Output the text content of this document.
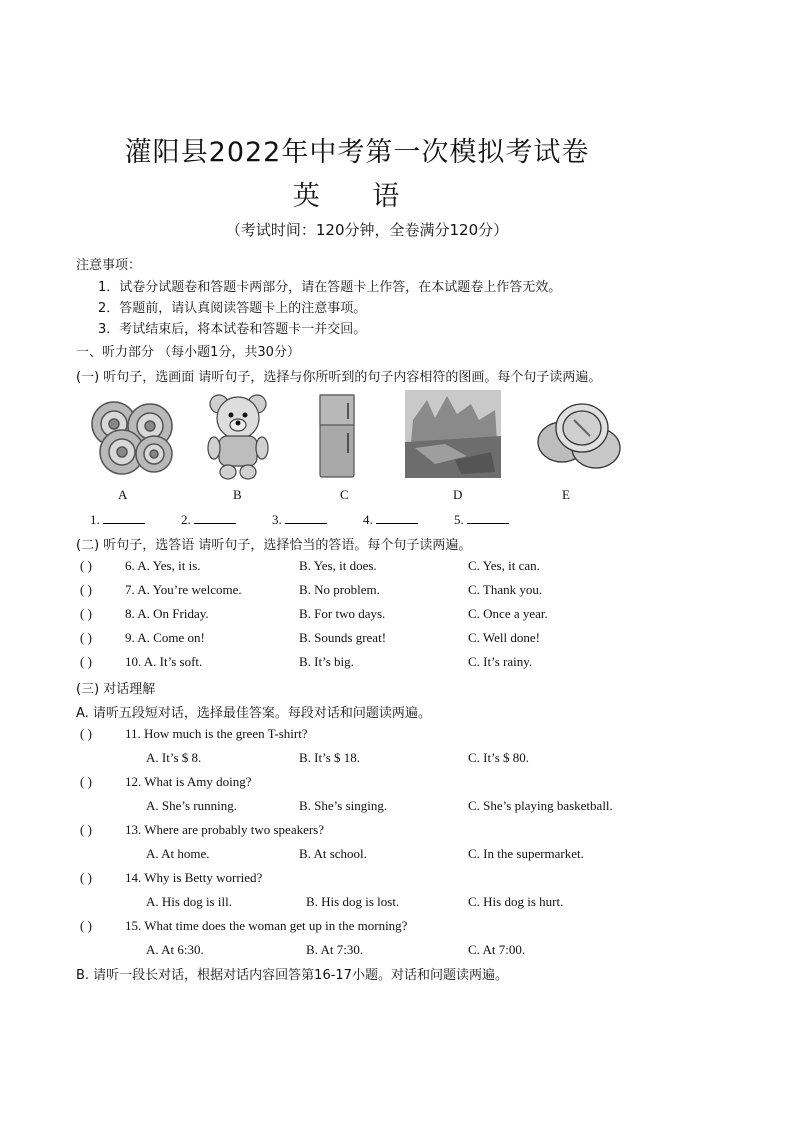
灌阳县2022年中考第一次模拟考试卷
英 语
（考试时间：120分钟，全卷满分120分）
注意事项：
1．试卷分试题卷和答题卡两部分，请在答题卡上作答，在本试题卷上作答无效。
2．答题前，请认真阅读答题卡上的注意事项。
3．考试结束后，将本试卷和答题卡一并交回。
一、听力部分 （每小题1分，共30分）
(一) 听句子，选画面 请听句子，选择与你所听到的句子内容相符的图画。每个句子读两遍。
A	B	C	D	E
1.	2.	3.	4.	5.
(二) 听句子，选答语 请听句子，选择恰当的答语。每个句子读两遍。
( )	6. A. Yes, it is.	B. Yes, it does.	C. Yes, it can.
( )	7. A. You’re welcome.	B. No problem.	C. Thank you.
( )	8. A. On Friday.	B. For two days.	C. Once a year.
( )	9. A. Come on!	B. Sounds great!	C. Well done!
( )	10. A. It’s soft.	B. It’s big.	C. It’s rainy.
(三) 对话理解
A. 请听五段短对话，选择最佳答案。每段对话和问题读两遍。
( )	11. How much is the green T-shirt?
A. It’s $ 8.	B. It’s $ 18.	C. It’s $ 80.
( )	12. What is Amy doing?
A. She’s running.	B. She’s singing.	C. She’s playing basketball.
( )	13. Where are probably two speakers?
A. At home.	B. At school.	C. In the supermarket.
( )	14. Why is Betty worried?
A. His dog is ill.	B. His dog is lost.	C. His dog is hurt.
( )	15. What time does the woman get up in the morning?
A. At 6:30.	B. At 7:30.	C. At 7:00.
B. 请听一段长对话，根据对话内容回答第16-17小题。对话和问题读两遍。
